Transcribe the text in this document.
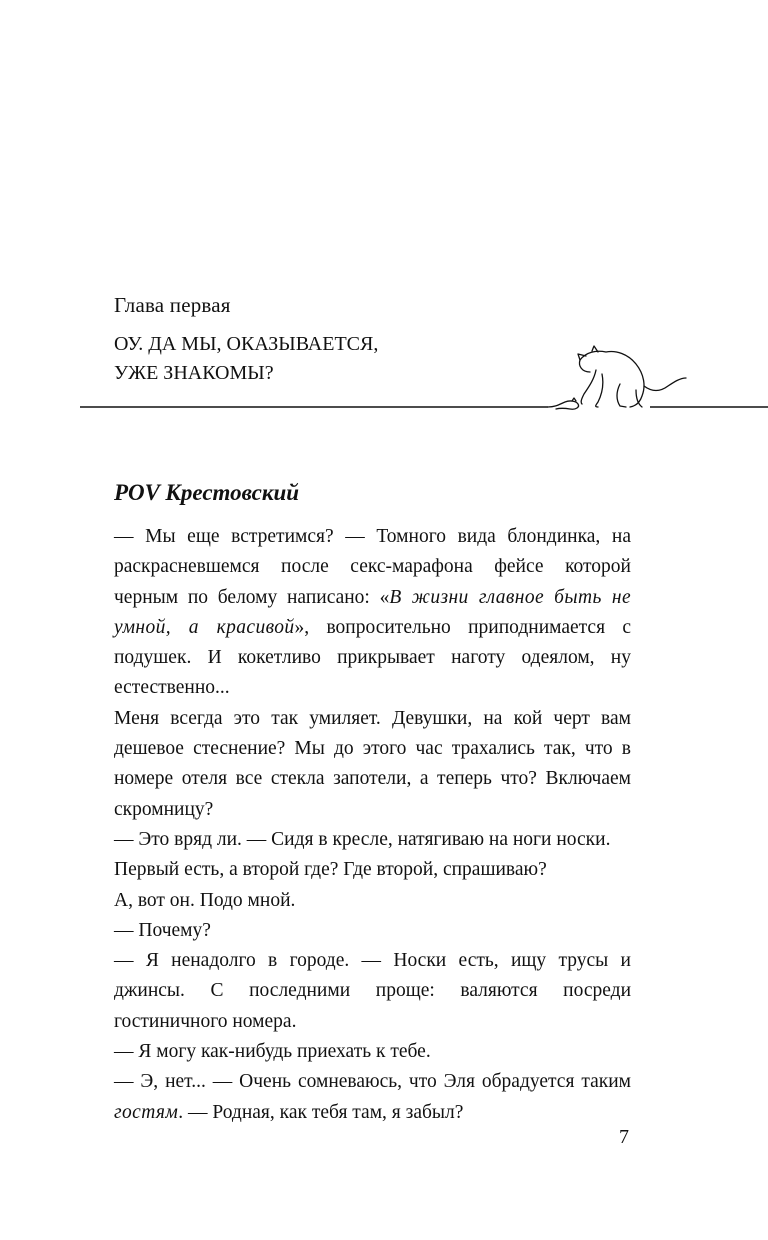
Глава первая
ОУ. ДА МЫ, ОКАЗЫВАЕТСЯ,
УЖЕ ЗНАКОМЫ?
POV Крестовский

— Мы еще встретимся? — Томного вида блондинка, на раскрасневшемся после секс-марафона фейсе которой черным по белому написано: «В жизни главное быть не умной, а красивой», вопросительно приподнимается с подушек. И кокетливо прикрывает наготу одеялом, ну естественно...

Меня всегда это так умиляет. Девушки, на кой черт вам дешевое стеснение? Мы до этого час трахались так, что в номере отеля все стекла запотели, а теперь что? Включаем скромницу?

— Это вряд ли. — Сидя в кресле, натягиваю на ноги носки.

Первый есть, а второй где? Где второй, спрашиваю?

А, вот он. Подо мной.

— Почему?

— Я ненадолго в городе. — Носки есть, ищу трусы и джинсы. С последними проще: валяются посреди гостиничного номера.

— Я могу как-нибудь приехать к тебе.

— Э, нет... — Очень сомневаюсь, что Эля обрадуется таким гостям. — Родная, как тебя там, я забыл?

7
